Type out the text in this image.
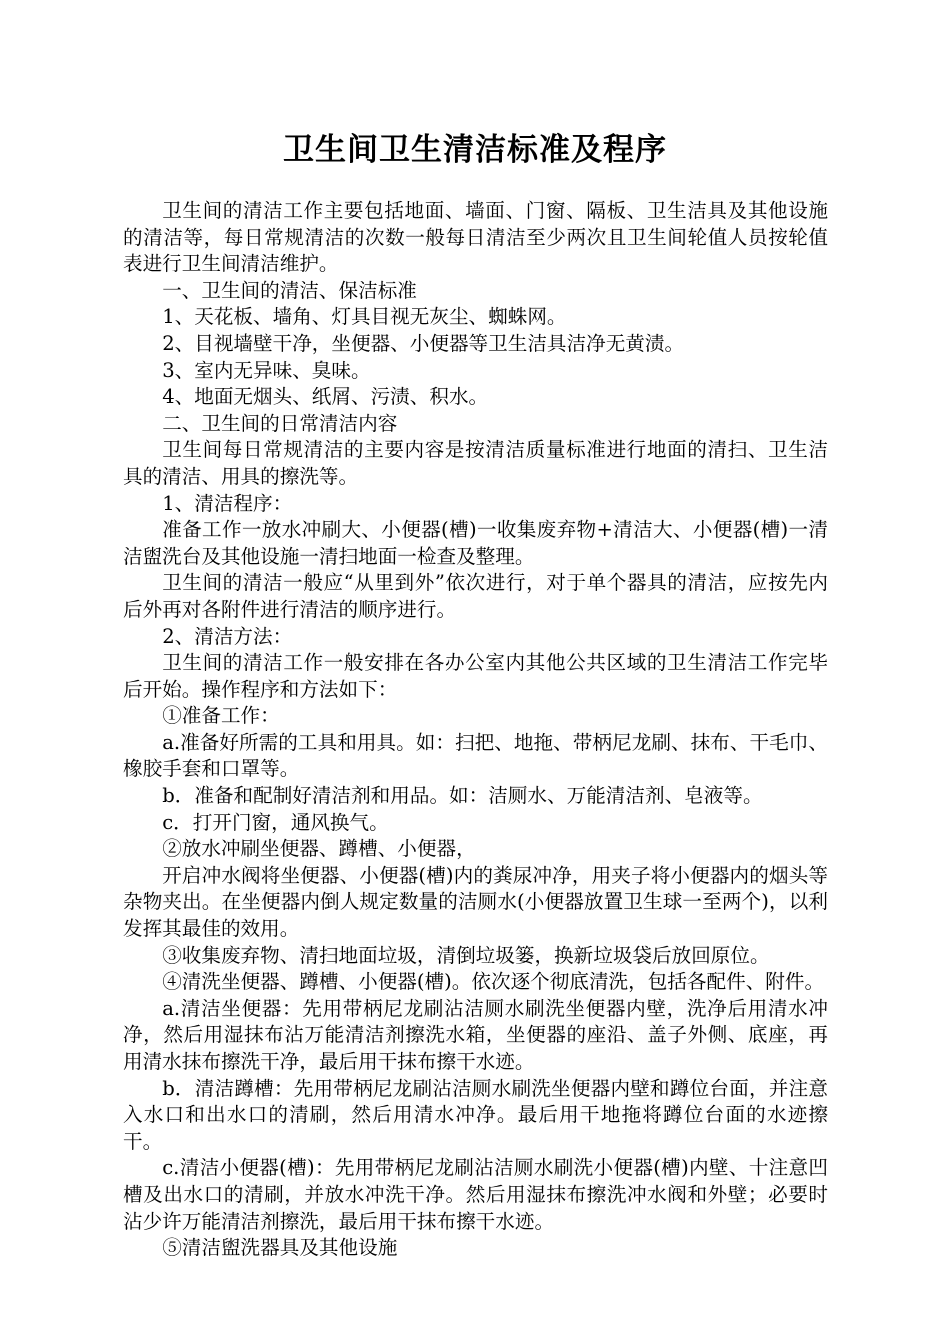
卫生间卫生清洁标准及程序

卫生间的清洁工作主要包括地面、墙面、门窗、隔板、卫生洁具及其他设施的清洁等，每日常规清洁的次数一般每日清洁至少两次且卫生间轮值人员按轮值表进行卫生间清洁维护。

一、卫生间的清洁、保洁标准

1、天花板、墙角、灯具目视无灰尘、蜘蛛网。

2、目视墙壁干净，坐便器、小便器等卫生洁具洁净无黄渍。

3、室内无异味、臭味。

4、地面无烟头、纸屑、污渍、积水。

二、卫生间的日常清洁内容

卫生间每日常规清洁的主要内容是按清洁质量标准进行地面的清扫、卫生洁具的清洁、用具的擦洗等。

1、清洁程序：

准备工作一放水冲刷大、小便器(槽)一收集废弃物+清洁大、小便器(槽)一清洁盥洗台及其他设施一清扫地面一检查及整理。

卫生间的清洁一般应“从里到外”依次进行，对于单个器具的清洁，应按先内后外再对各附件进行清洁的顺序进行。

2、清洁方法：

卫生间的清洁工作一般安排在各办公室内其他公共区域的卫生清洁工作完毕后开始。操作程序和方法如下：

①准备工作：

a.准备好所需的工具和用具。如：扫把、地拖、带柄尼龙刷、抹布、干毛巾、橡胶手套和口罩等。

b．准备和配制好清洁剂和用品。如：洁厕水、万能清洁剂、皂液等。

c．打开门窗，通风换气。

②放水冲刷坐便器、蹲槽、小便器，

开启冲水阀将坐便器、小便器(槽)内的粪尿冲净，用夹子将小便器内的烟头等杂物夹出。在坐便器内倒人规定数量的洁厕水(小便器放置卫生球一至两个)，以利发挥其最佳的效用。

③收集废弃物、清扫地面垃圾，清倒垃圾篓，换新垃圾袋后放回原位。

④清洗坐便器、蹲槽、小便器(槽)。依次逐个彻底清洗，包括各配件、附件。

a.清洁坐便器：先用带柄尼龙刷沾洁厕水刷洗坐便器内壁，洗净后用清水冲净，然后用湿抹布沾万能清洁剂擦洗水箱，坐便器的座沿、盖子外侧、底座，再用清水抹布擦洗干净，最后用干抹布擦干水迹。

b．清洁蹲槽：先用带柄尼龙刷沾洁厕水刷洗坐便器内壁和蹲位台面，并注意入水口和出水口的清刷，然后用清水冲净。最后用干地拖将蹲位台面的水迹擦干。

c.清洁小便器(槽)：先用带柄尼龙刷沾洁厕水刷洗小便器(槽)内壁、十注意凹槽及出水口的清刷，并放水冲洗干净。然后用湿抹布擦洗冲水阀和外壁；必要时沾少许万能清洁剂擦洗，最后用干抹布擦干水迹。

⑤清洁盥洗器具及其他设施
